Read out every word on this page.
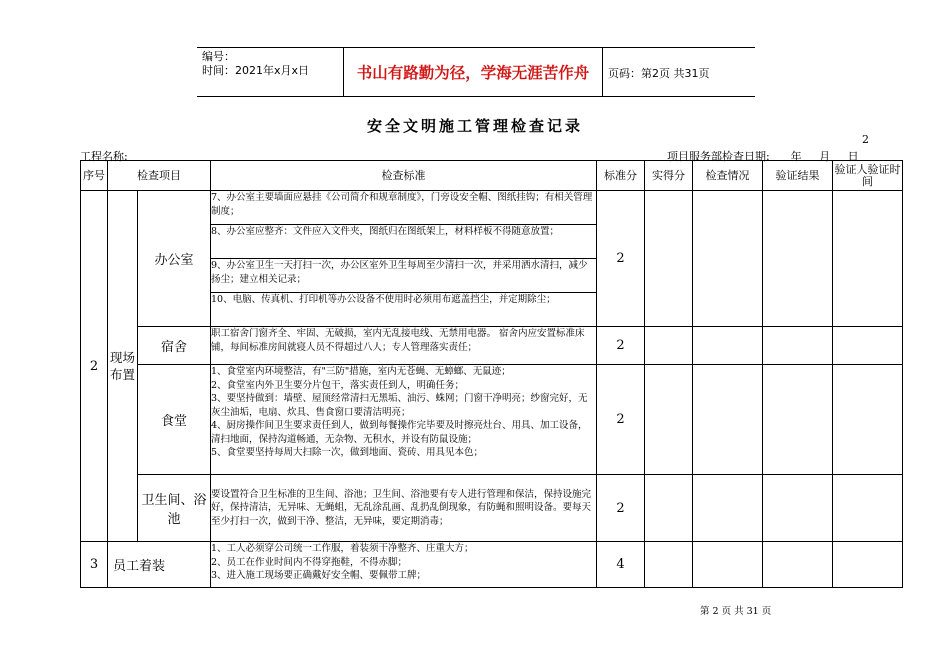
编号：
时间：2021年x月x日	书山有路勤为径，学海无涯苦作舟	页码：第2页 共31页
安全文明施工管理检查记录
2
工程名称:	项目服务部检查日期:      年     月     日
序号	检查项目		检查标准	标准分	实得分	检查情况	验证结果	验证人验证时间
2	现场布置	办公室	7、办公室主要墙面应悬挂《公司简介和规章制度》，门旁设安全帽、图纸挂钩；有相关管理制度；	2				
			8、办公室应整齐：文件应入文件夹，图纸归在图纸架上，材料样板不得随意放置；					
			9、办公室卫生一天打扫一次，办公区室外卫生每周至少清扫一次，并采用洒水清扫，减少扬尘；建立相关记录；					
			10、电脑、传真机、打印机等办公设备不使用时必须用布遮盖挡尘，并定期除尘；					
		宿舍	职工宿舍门窗齐全、牢固、无破损，室内无乱接电线、无禁用电器。 宿舍内应安置标准床铺，每间标准房间就寝人员不得超过八人；专人管理落实责任；	2				
		食堂	1、食堂室内环境整洁，有"三防"措施，室内无苍蝇、无蟑螂、无鼠迹；
2、食堂室内外卫生要分片包干，落实责任到人，明确任务；
3、要坚持做到：墙壁、屋顶经常清扫无黑垢、油污、蛛网；门窗干净明亮；纱窗完好，无灰尘油垢，电扇、炊具、售食窗口要清洁明亮；
4、厨房操作间卫生要求责任到人，做到每餐操作完毕要及时擦亮灶台、用具、加工设备，清扫地面，保持沟道畅通，无杂物、无积水，并设有防鼠设施；
5、食堂要坚持每周大扫除一次，做到地面、瓷砖、用具见本色；	2				
		卫生间、浴池	要设置符合卫生标准的卫生间、浴池；卫生间、浴池要有专人进行管理和保洁，保持设施完好，保持清洁，无异味、无蝇蛆，无乱涂乱画、乱扔乱倒现象，有防蝇和照明设备。要每天至少打扫一次，做到干净、整洁，无异味，要定期消毒；	2				
3	员工着装		1、工人必须穿公司统一工作服，着装须干净整齐、庄重大方；
2、员工在作业时间内不得穿拖鞋，不得赤脚；
3、进入施工现场要正确戴好安全帽、要佩带工牌；	4				
第 2 页 共 31 页
